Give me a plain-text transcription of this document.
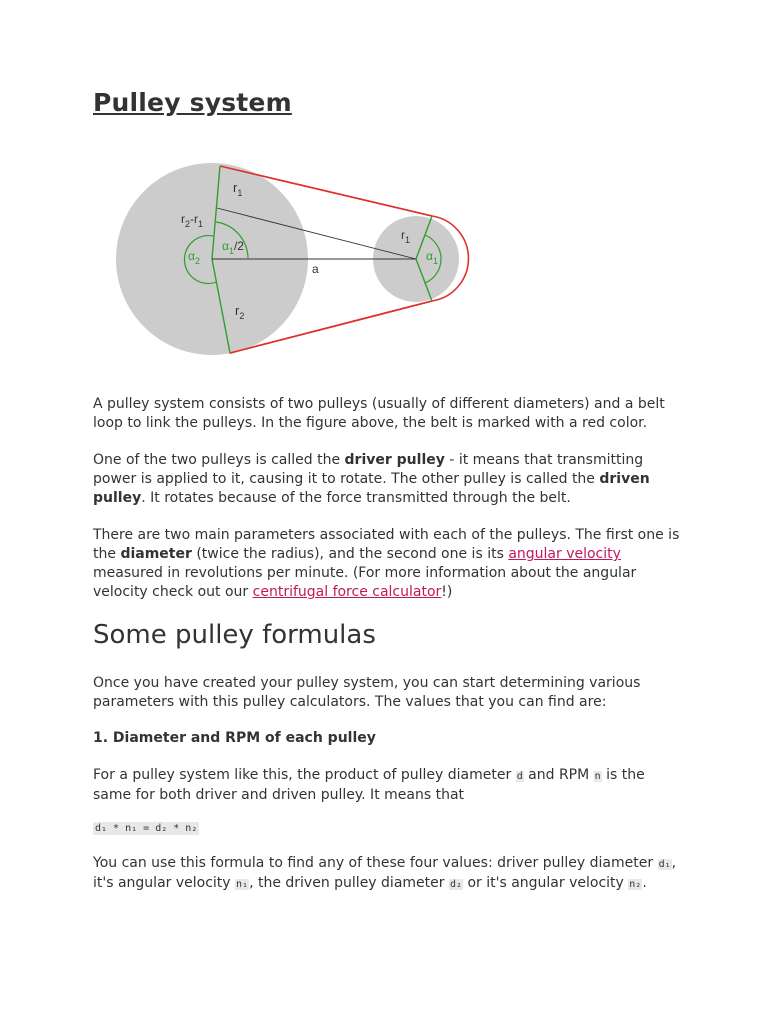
Pulley system
$r_1$
$r_2-r_1$
$\alpha_1/2$
$\alpha_2$
a
$r_2$
$r_1$
$\alpha_1$

A pulley system consists of two pulleys (usually of different diameters) and a belt loop to link the pulleys. In the figure above, the belt is marked with a red color.

One of the two pulleys is called the driver pulley - it means that transmitting power is applied to it, causing it to rotate. The other pulley is called the driven pulley. It rotates because of the force transmitted through the belt.

There are two main parameters associated with each of the pulleys. The first one is the diameter (twice the radius), and the second one is its angular velocity measured in revolutions per minute. (For more information about the angular velocity check out our centrifugal force calculator!)

Some pulley formulas

Once you have created your pulley system, you can start determining various parameters with this pulley calculators. The values that you can find are:

1. Diameter and RPM of each pulley

For a pulley system like this, the product of pulley diameter d and RPM n is the same for both driver and driven pulley. It means that

d₁ * n₁ = d₂ * n₂

You can use this formula to find any of these four values: driver pulley diameter d₁, it's angular velocity n₁, the driven pulley diameter d₂ or it's angular velocity n₂.
